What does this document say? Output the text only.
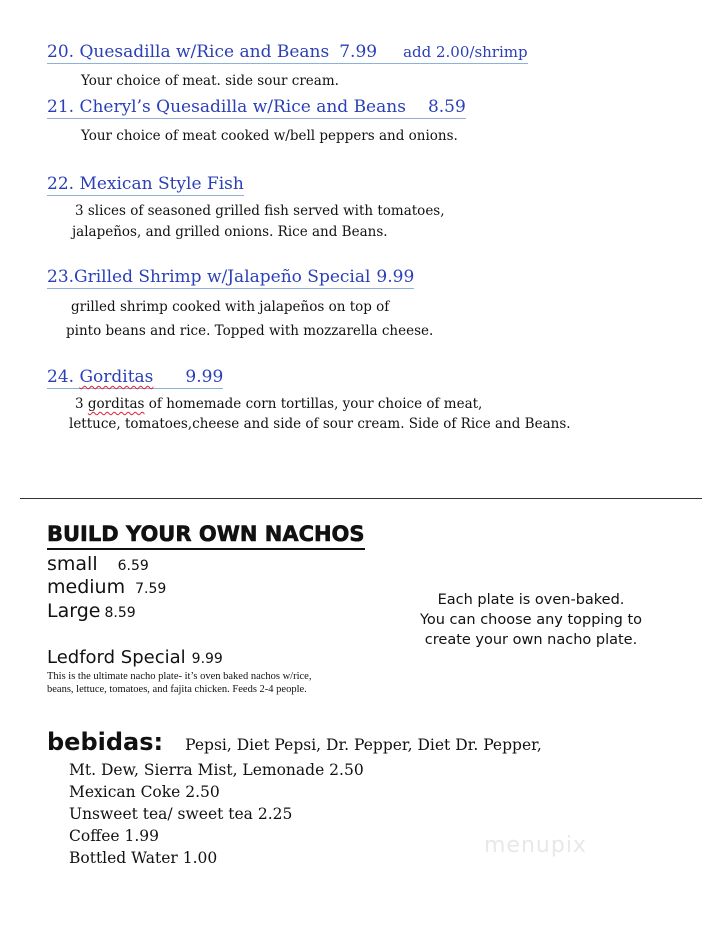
20. Quesadilla w/Rice and Beans 7.99 add 2.00/shrimp
Your choice of meat. side sour cream.
21. Cheryl’s Quesadilla w/Rice and Beans 8.59
Your choice of meat cooked w/bell peppers and onions.
22. Mexican Style Fish
3 slices of seasoned grilled fish served with tomatoes,
jalapeños, and grilled onions. Rice and Beans.
23.Grilled Shrimp w/Jalapeño Special 9.99
grilled shrimp cooked with jalapeños on top of
pinto beans and rice. Topped with mozzarella cheese.
24. Gorditas 9.99
3 gorditas of homemade corn tortillas, your choice of meat,
lettuce, tomatoes,cheese and side of sour cream. Side of Rice and Beans.
BUILD YOUR OWN NACHOS
small 6.59
medium 7.59
Large 8.59
Each plate is oven-baked.
You can choose any topping to
create your own nacho plate.
Ledford Special 9.99
This is the ultimate nacho plate- it’s oven baked nachos w/rice,
beans, lettuce, tomatoes, and fajita chicken. Feeds 2-4 people.
bebidas: Pepsi, Diet Pepsi, Dr. Pepper, Diet Dr. Pepper,
Mt. Dew, Sierra Mist, Lemonade 2.50
Mexican Coke 2.50
Unsweet tea/ sweet tea 2.25
Coffee 1.99
Bottled Water 1.00	menupix
